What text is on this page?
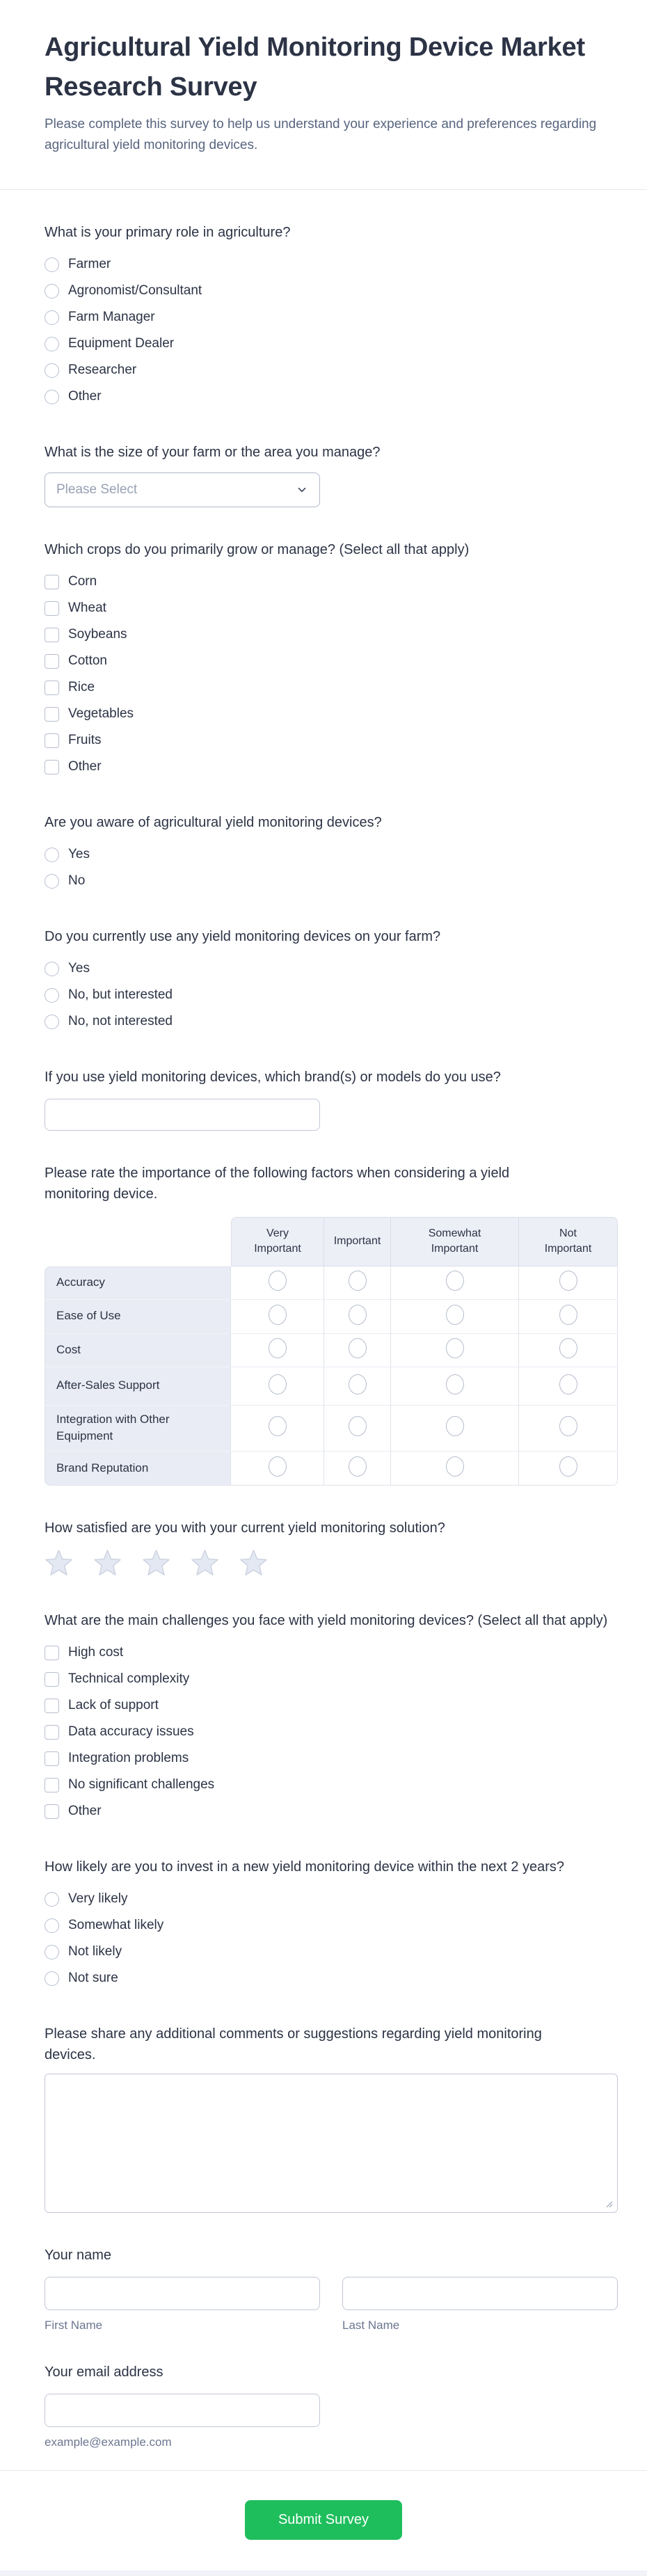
Agricultural Yield Monitoring Device Market Research Survey
Please complete this survey to help us understand your experience and preferences regarding agricultural yield monitoring devices.
What is your primary role in agriculture?
Farmer
Agronomist/Consultant
Farm Manager
Equipment Dealer
Researcher
Other
What is the size of your farm or the area you manage?
Please Select
Which crops do you primarily grow or manage? (Select all that apply)
Corn
Wheat
Soybeans
Cotton
Rice
Vegetables
Fruits
Other
Are you aware of agricultural yield monitoring devices?
Yes
No
Do you currently use any yield monitoring devices on your farm?
Yes
No, but interested
No, not interested
If you use yield monitoring devices, which brand(s) or models do you use?
Please rate the importance of the following factors when considering a yield monitoring device.
	Very Important	Important	Somewhat Important	Not Important
Accuracy				
Ease of Use				
Cost				
After-Sales Support				
Integration with Other Equipment				
Brand Reputation				
How satisfied are you with your current yield monitoring solution?
What are the main challenges you face with yield monitoring devices? (Select all that apply)
High cost
Technical complexity
Lack of support
Data accuracy issues
Integration problems
No significant challenges
Other
How likely are you to invest in a new yield monitoring device within the next 2 years?
Very likely
Somewhat likely
Not likely
Not sure
Please share any additional comments or suggestions regarding yield monitoring devices.
Your name
First Name	Last Name
Your email address
example@example.com
Submit Survey
